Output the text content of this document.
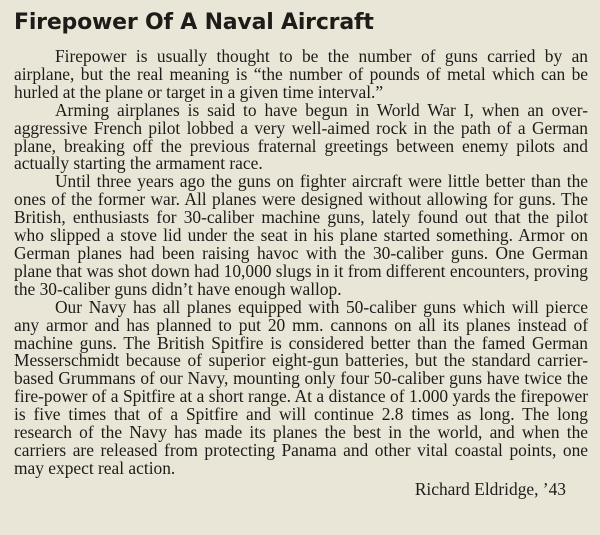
Firepower Of A Naval Aircraft

Firepower is usually thought to be the number of guns carried by an airplane, but the real meaning is “the number of pounds of metal which can be hurled at the plane or target in a given time interval.”

Arming airplanes is said to have begun in World War I, when an over-aggressive French pilot lobbed a very well-aimed rock in the path of a German plane, breaking off the previous fraternal greetings between enemy pilots and actually starting the armament race.

Until three years ago the guns on fighter aircraft were little better than the ones of the former war. All planes were designed without allowing for guns. The British, enthusiasts for 30-caliber machine guns, lately found out that the pilot who slipped a stove lid under the seat in his plane started something. Armor on German planes had been raising havoc with the 30-caliber guns. One German plane that was shot down had 10,000 slugs in it from different encounters, proving the 30-caliber guns didn’t have enough wallop.

Our Navy has all planes equipped with 50-caliber guns which will pierce any armor and has planned to put 20 mm. cannons on all its planes instead of machine guns. The British Spitfire is considered better than the famed German Messerschmidt because of superior eight-gun batteries, but the standard carrier-based Grummans of our Navy, mounting only four 50-caliber guns have twice the fire-power of a Spitfire at a short range. At a distance of 1.000 yards the firepower is five times that of a Spitfire and will continue 2.8 times as long. The long research of the Navy has made its planes the best in the world, and when the carriers are released from protecting Panama and other vital coastal points, one may expect real action.

Richard Eldridge, ’43
